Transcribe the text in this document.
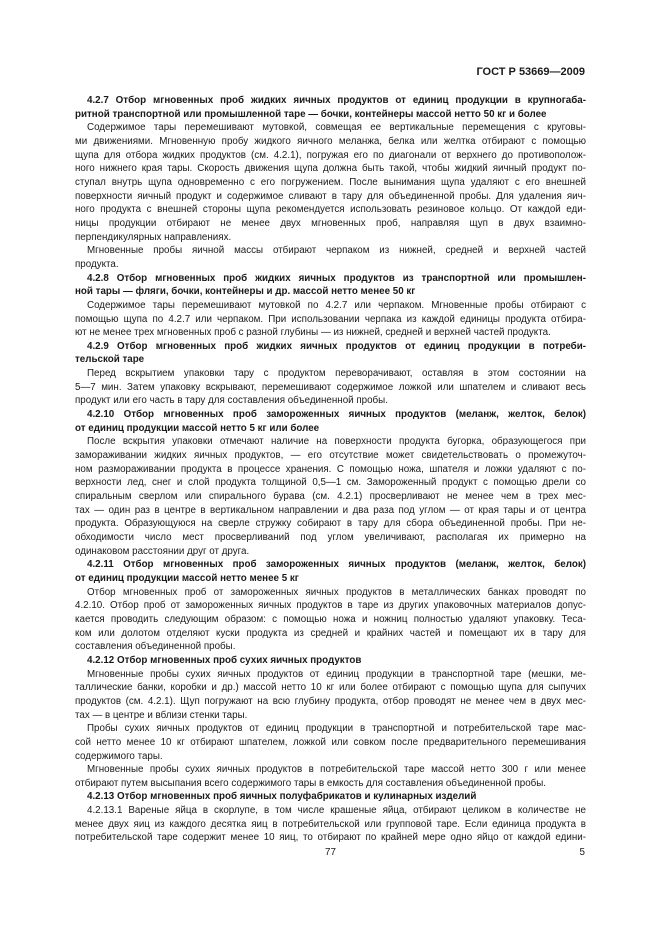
ГОСТ Р 53669—2009
4.2.7 Отбор мгновенных проб жидких яичных продуктов от единиц продукции в крупногаба-
ритной транспортной или промышленной таре — бочки, контейнеры массой нетто 50 кг и более
Содержимое тары перемешивают мутовкой, совмещая ее вертикальные перемещения с круговы-
ми движениями. Мгновенную пробу жидкого яичного меланжа, белка или желтка отбирают с помощью
щупа для отбора жидких продуктов (см. 4.2.1), погружая его по диагонали от верхнего до противополож-
ного нижнего края тары. Скорость движения щупа должна быть такой, чтобы жидкий яичный продукт по-
ступал внутрь щупа одновременно с его погружением. После вынимания щупа удаляют с его внешней
поверхности яичный продукт и содержимое сливают в тару для объединенной пробы. Для удаления яич-
ного продукта с внешней стороны щупа рекомендуется использовать резиновое кольцо. От каждой еди-
ницы продукции отбирают не менее двух мгновенных проб, направляя щуп в двух взаимно-
перпендикулярных направлениях.
Мгновенные пробы яичной массы отбирают черпаком из нижней, средней и верхней частей
продукта.
4.2.8 Отбор мгновенных проб жидких яичных продуктов из транспортной или промышлен-
ной тары — фляги, бочки, контейнеры и др. массой нетто менее 50 кг
Содержимое тары перемешивают мутовкой по 4.2.7 или черпаком. Мгновенные пробы отбирают с
помощью щупа по 4.2.7 или черпаком. При использовании черпака из каждой единицы продукта отбира-
ют не менее трех мгновенных проб с разной глубины — из нижней, средней и верхней частей продукта.
4.2.9 Отбор мгновенных проб жидких яичных продуктов от единиц продукции в потреби-
тельской таре
Перед вскрытием упаковки тару с продуктом переворачивают, оставляя в этом состоянии на
5—7 мин. Затем упаковку вскрывают, перемешивают содержимое ложкой или шпателем и сливают весь
продукт или его часть в тару для составления объединенной пробы.
4.2.10 Отбор мгновенных проб замороженных яичных продуктов (меланж, желток, белок)
от единиц продукции массой нетто 5 кг или более
После вскрытия упаковки отмечают наличие на поверхности продукта бугорка, образующегося при
замораживании жидких яичных продуктов, — его отсутствие может свидетельствовать о промежуточ-
ном размораживании продукта в процессе хранения. С помощью ножа, шпателя и ложки удаляют с по-
верхности лед, снег и слой продукта толщиной 0,5—1 см. Замороженный продукт с помощью дрели со
спиральным сверлом или спирального бурава (см. 4.2.1) просверливают не менее чем в трех мес-
тах — один раз в центре в вертикальном направлении и два раза под углом — от края тары и от центра
продукта. Образующуюся на сверле стружку собирают в тару для сбора объединенной пробы. При не-
обходимости число мест просверливаний под углом увеличивают, располагая их примерно на
одинаковом расстоянии друг от друга.
4.2.11 Отбор мгновенных проб замороженных яичных продуктов (меланж, желток, белок)
от единиц продукции массой нетто менее 5 кг
Отбор мгновенных проб от замороженных яичных продуктов в металлических банках проводят по
4.2.10. Отбор проб от замороженных яичных продуктов в таре из других упаковочных материалов допус-
кается проводить следующим образом: с помощью ножа и ножниц полностью удаляют упаковку. Теса-
ком или долотом отделяют куски продукта из средней и крайних частей и помещают их в тару для
составления объединенной пробы.
4.2.12 Отбор мгновенных проб сухих яичных продуктов
Мгновенные пробы сухих яичных продуктов от единиц продукции в транспортной таре (мешки, ме-
таллические банки, коробки и др.) массой нетто 10 кг или более отбирают с помощью щупа для сыпучих
продуктов (см. 4.2.1). Щуп погружают на всю глубину продукта, отбор проводят не менее чем в двух мес-
тах — в центре и вблизи стенки тары.
Пробы сухих яичных продуктов от единиц продукции в транспортной и потребительской таре мас-
сой нетто менее 10 кг отбирают шпателем, ложкой или совком после предварительного перемешивания
содержимого тары.
Мгновенные пробы сухих яичных продуктов в потребительской таре массой нетто 300 г или менее
отбирают путем высыпания всего содержимого тары в емкость для составления объединенной пробы.
4.2.13 Отбор мгновенных проб яичных полуфабрикатов и кулинарных изделий
4.2.13.1 Вареные яйца в скорлупе, в том числе крашеные яйца, отбирают целиком в количестве не
менее двух яиц из каждого десятка яиц в потребительской или групповой таре. Если единица продукта в
потребительской таре содержит менее 10 яиц, то отбирают по крайней мере одно яйцо от каждой едини-
77	5
